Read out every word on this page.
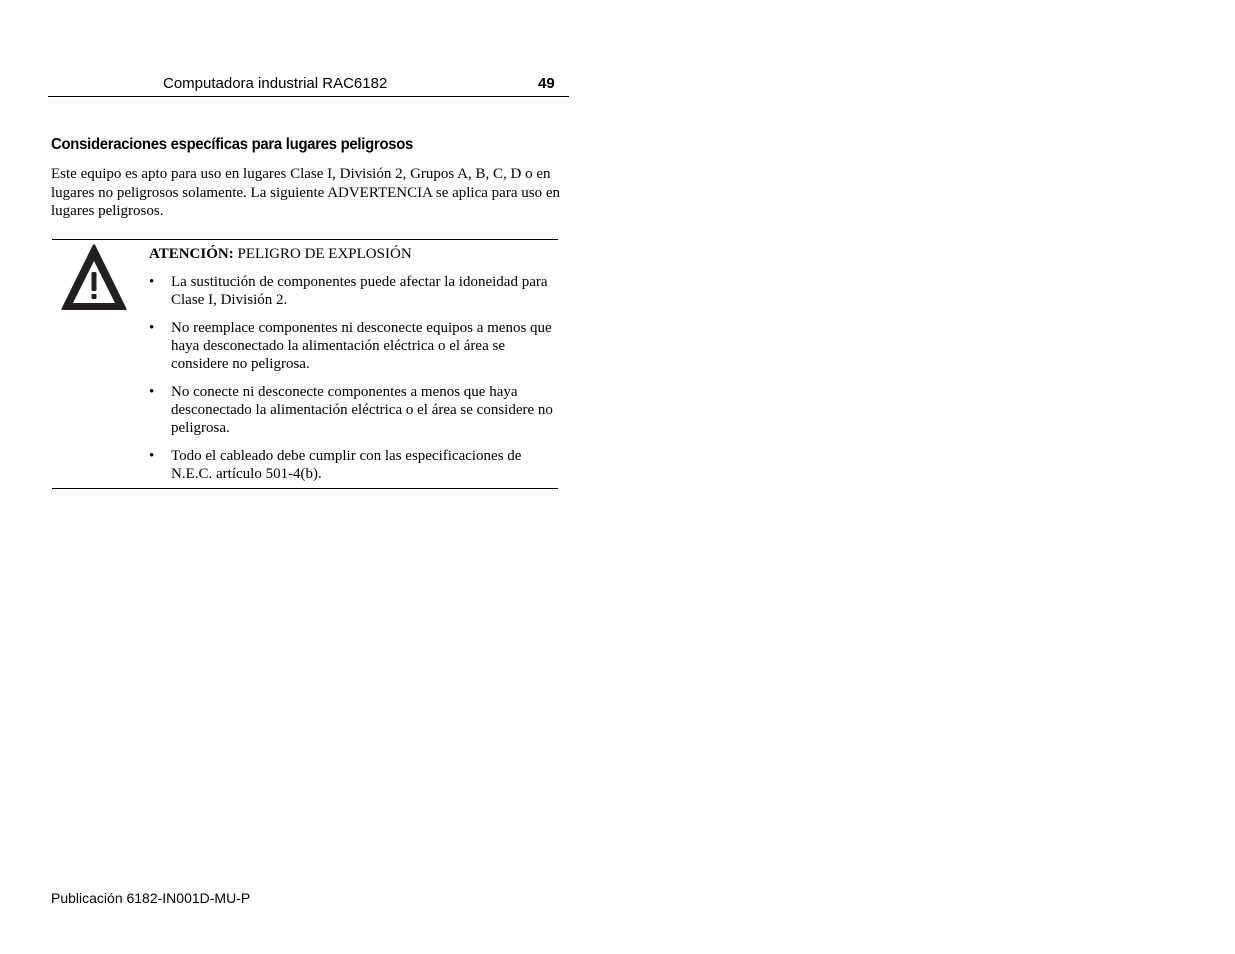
Computadora industrial RAC6182	49
Consideraciones específicas para lugares peligrosos

Este equipo es apto para uso en lugares Clase I, División 2, Grupos A, B, C, D o en lugares no peligrosos solamente. La siguiente ADVERTENCIA se aplica para uso en lugares peligrosos.

ATENCIÓN: PELIGRO DE EXPLOSIÓN
• La sustitución de componentes puede afectar la idoneidad para Clase I, División 2.
• No reemplace componentes ni desconecte equipos a menos que haya desconectado la alimentación eléctrica o el área se considere no peligrosa.
• No conecte ni desconecte componentes a menos que haya desconectado la alimentación eléctrica o el área se considere no peligrosa.
• Todo el cableado debe cumplir con las especificaciones de N.E.C. artículo 501-4(b).
Publicación 6182-IN001D-MU-P
